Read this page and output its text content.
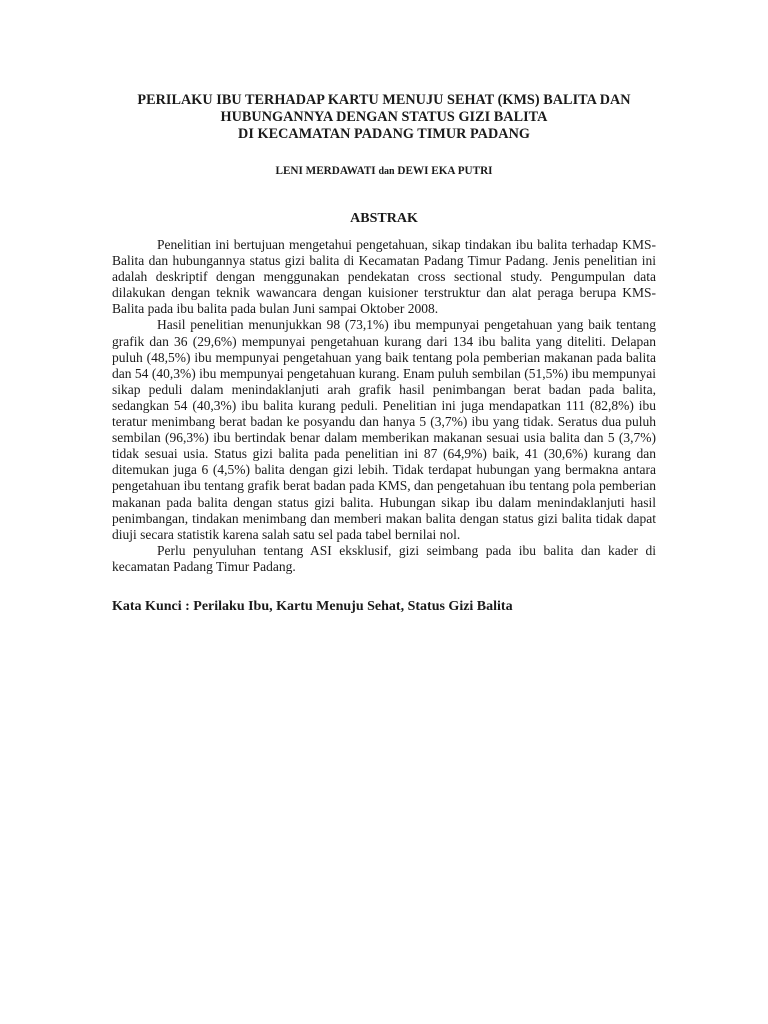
PERILAKU IBU TERHADAP KARTU MENUJU SEHAT (KMS) BALITA DAN
HUBUNGANNYA DENGAN STATUS GIZI BALITA
DI KECAMATAN PADANG TIMUR PADANG
LENI MERDAWATI dan DEWI EKA PUTRI
ABSTRAK

Penelitian ini bertujuan mengetahui pengetahuan, sikap tindakan ibu balita terhadap KMS-Balita dan hubungannya status gizi balita di Kecamatan Padang Timur Padang. Jenis penelitian ini adalah deskriptif dengan menggunakan pendekatan cross sectional study. Pengumpulan data dilakukan dengan teknik wawancara dengan kuisioner terstruktur dan alat peraga berupa KMS- Balita pada ibu balita pada bulan Juni sampai Oktober 2008.

Hasil penelitian menunjukkan 98 (73,1%) ibu mempunyai pengetahuan yang baik tentang grafik dan 36 (29,6%) mempunyai pengetahuan kurang dari 134 ibu balita yang diteliti. Delapan puluh (48,5%) ibu mempunyai pengetahuan yang baik tentang pola pemberian makanan pada balita dan 54 (40,3%) ibu mempunyai pengetahuan kurang. Enam puluh sembilan (51,5%) ibu mempunyai sikap peduli dalam menindaklanjuti arah grafik hasil penimbangan berat badan pada balita, sedangkan 54 (40,3%) ibu balita kurang peduli. Penelitian ini juga mendapatkan 111 (82,8%) ibu teratur menimbang berat badan ke posyandu dan hanya 5 (3,7%) ibu yang tidak. Seratus dua puluh sembilan (96,3%) ibu bertindak benar dalam memberikan makanan sesuai usia balita dan 5 (3,7%) tidak sesuai usia. Status gizi balita pada penelitian ini 87 (64,9%) baik, 41 (30,6%) kurang dan ditemukan juga 6 (4,5%) balita dengan gizi lebih. Tidak terdapat hubungan yang bermakna antara pengetahuan ibu tentang grafik berat badan pada KMS, dan pengetahuan ibu tentang pola pemberian makanan pada balita dengan status gizi balita. Hubungan sikap ibu dalam menindaklanjuti hasil penimbangan, tindakan menimbang dan memberi makan balita dengan status gizi balita tidak dapat diuji secara statistik karena salah satu sel pada tabel bernilai nol.

Perlu penyuluhan tentang ASI eksklusif, gizi seimbang pada ibu balita dan kader di kecamatan Padang Timur Padang.

Kata Kunci : Perilaku Ibu, Kartu Menuju Sehat, Status Gizi Balita
